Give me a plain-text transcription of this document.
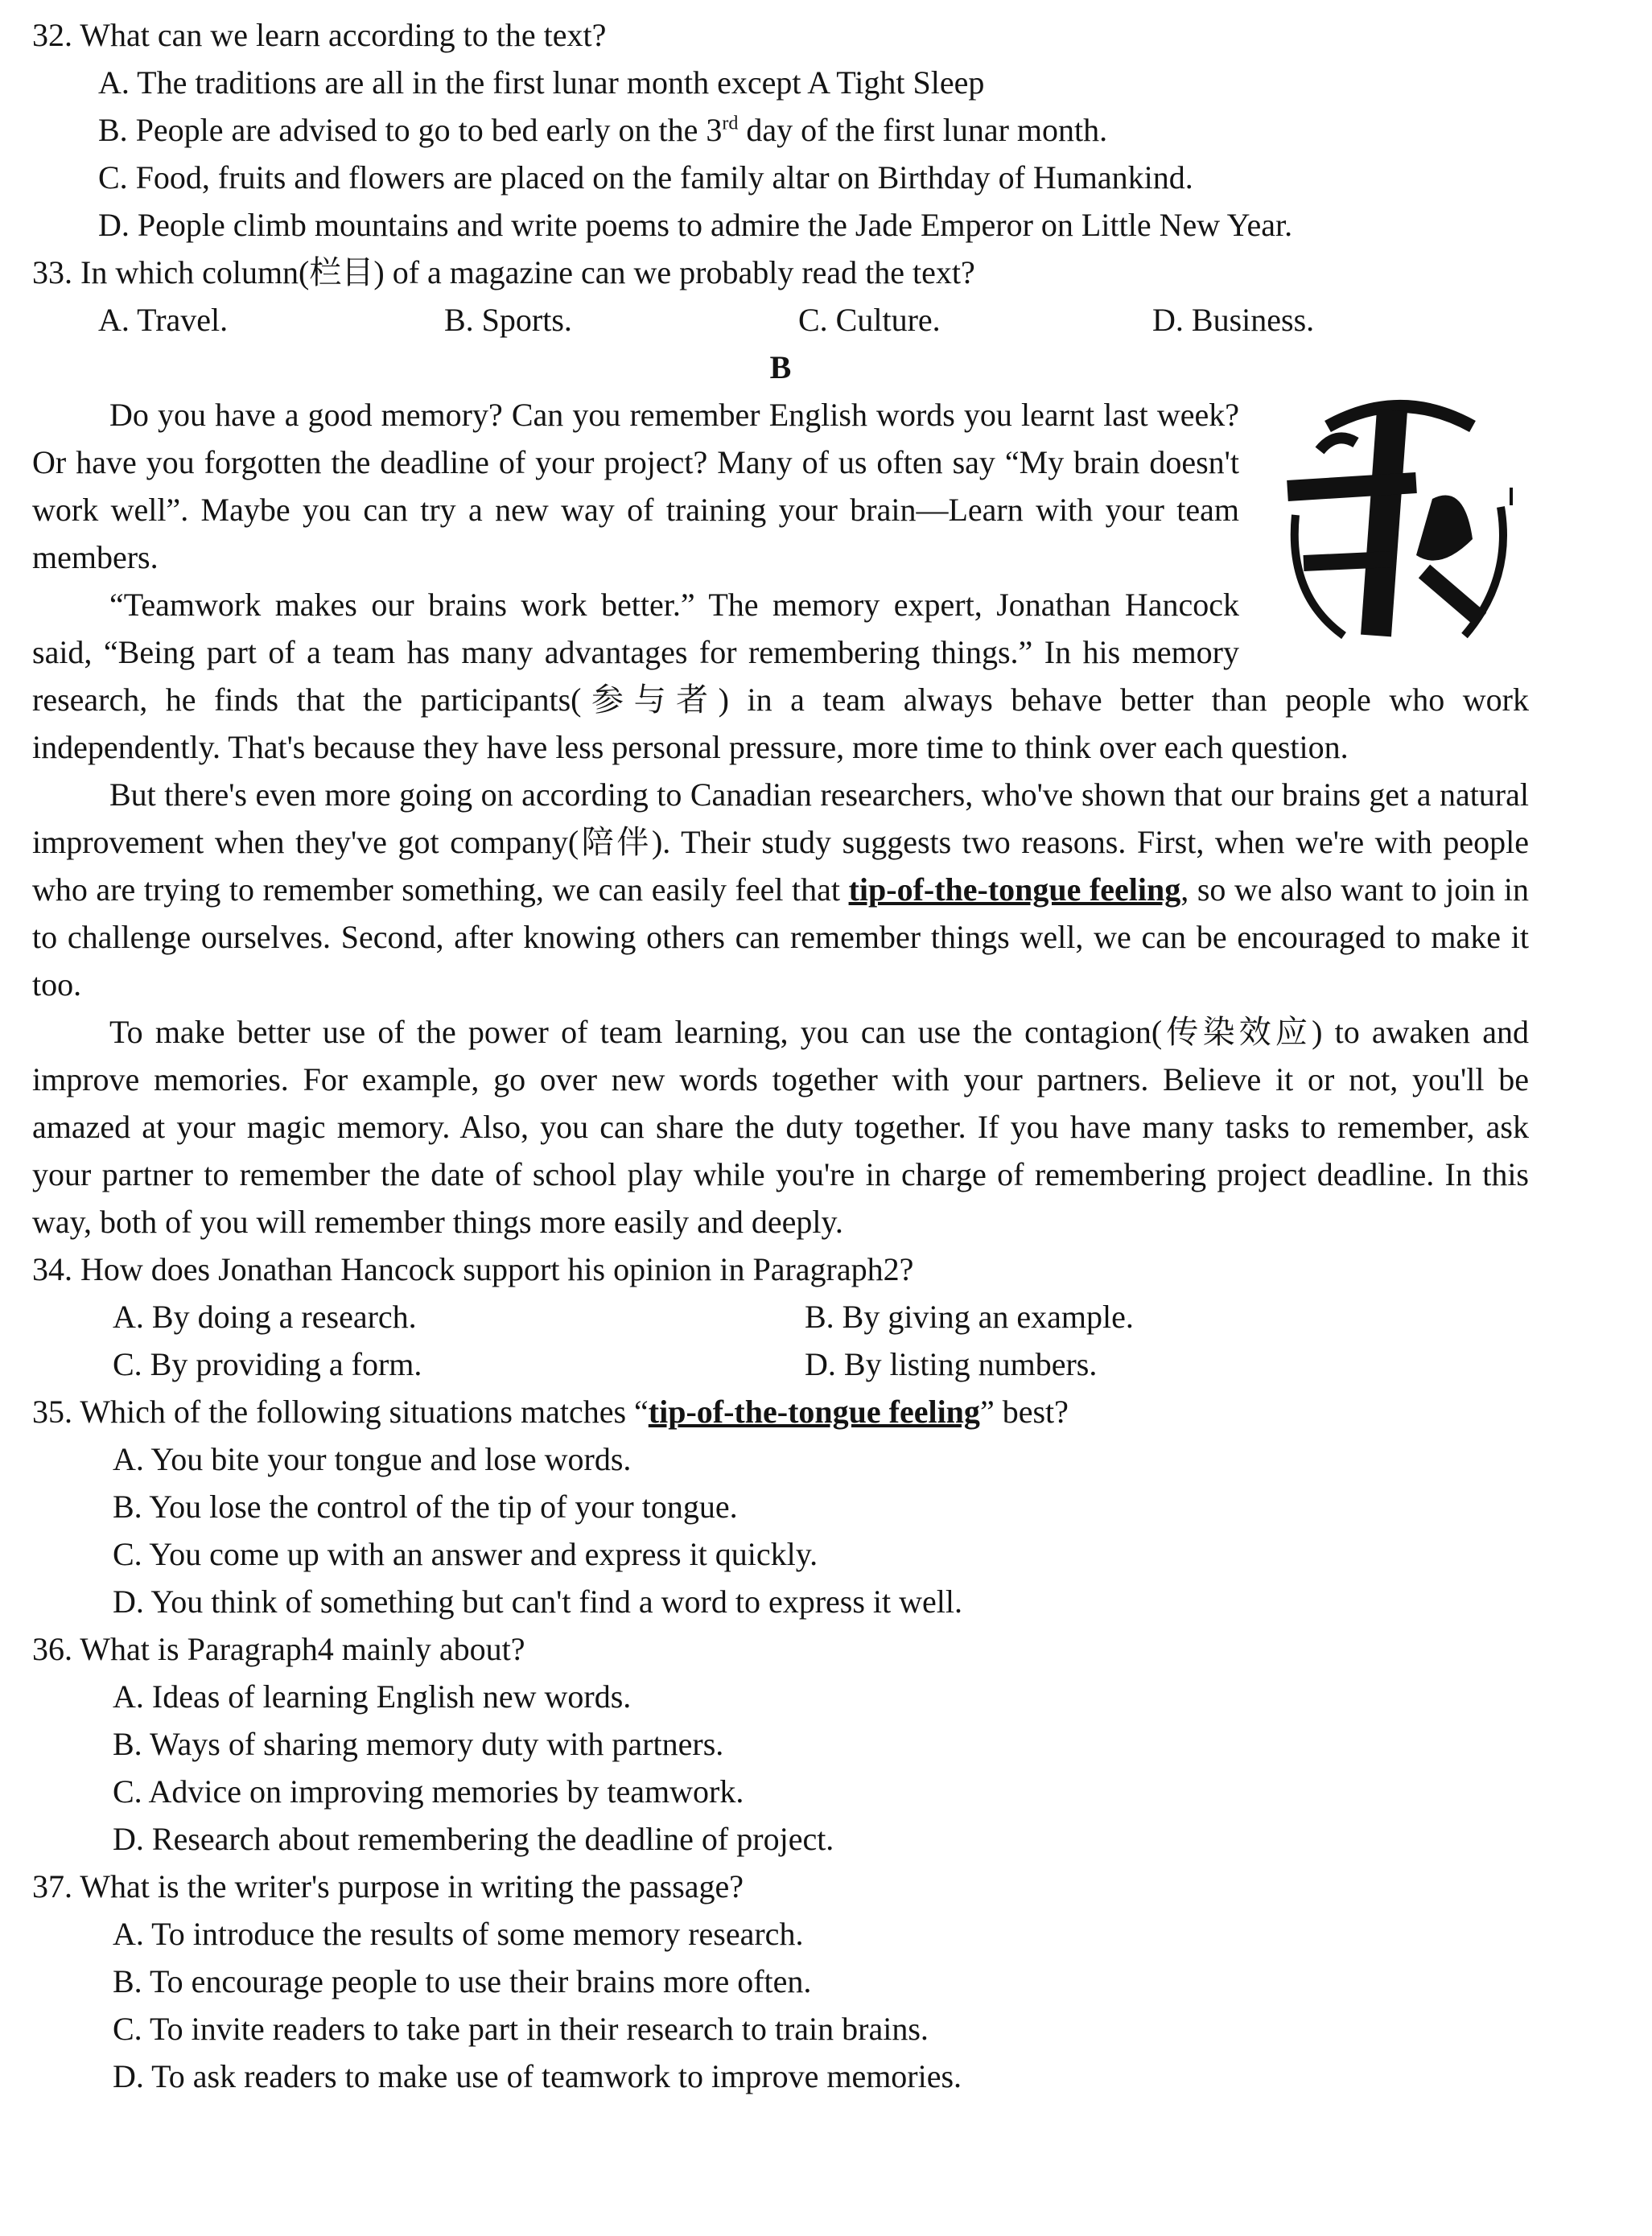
32. What can we learn according to the text?

A. The traditions are all in the first lunar month except A Tight Sleep

B. People are advised to go to bed early on the 3rd day of the first lunar month.

C. Food, fruits and flowers are placed on the family altar on Birthday of Humankind.

D. People climb mountains and write poems to admire the Jade Emperor on Little New Year.

33. In which column(栏目) of a magazine can we probably read the text?

A. Travel.	B. Sports.	C. Culture.	D. Business.

B

Do you have a good memory? Can you remember English words you learnt last week? Or have you forgotten the deadline of your project? Many of us often say “My brain doesn't work well”. Maybe you can try a new way of training your brain—Learn with your team members.

“Teamwork makes our brains work better.” The memory expert, Jonathan Hancock said, “Being part of a team has many advantages for remembering things.” In his memory research, he finds that the participants(参与者) in a team always behave better than people who work independently. That's because they have less personal pressure, more time to think over each question.

But there's even more going on according to Canadian researchers, who've shown that our brains get a natural improvement when they've got company(陪伴). Their study suggests two reasons. First, when we're with people who are trying to remember something, we can easily feel that tip-of-the-tongue feeling, so we also want to join in to challenge ourselves. Second, after knowing others can remember things well, we can be encouraged to make it too.

To make better use of the power of team learning, you can use the contagion(传染效应) to awaken and improve memories. For example, go over new words together with your partners. Believe it or not, you'll be amazed at your magic memory. Also, you can share the duty together. If you have many tasks to remember, ask your partner to remember the date of school play while you're in charge of remembering project deadline. In this way, both of you will remember things more easily and deeply.

34. How does Jonathan Hancock support his opinion in Paragraph2?

A. By doing a research.	B. By giving an example.
C. By providing a form.	D. By listing numbers.

35. Which of the following situations matches “tip-of-the-tongue feeling” best?

A. You bite your tongue and lose words.

B. You lose the control of the tip of your tongue.

C. You come up with an answer and express it quickly.

D. You think of something but can't find a word to express it well.

36. What is Paragraph4 mainly about?

A. Ideas of learning English new words.

B. Ways of sharing memory duty with partners.

C. Advice on improving memories by teamwork.

D. Research about remembering the deadline of project.

37. What is the writer's purpose in writing the passage?

A. To introduce the results of some memory research.

B. To encourage people to use their brains more often.

C. To invite readers to take part in their research to train brains.

D. To ask readers to make use of teamwork to improve memories.
